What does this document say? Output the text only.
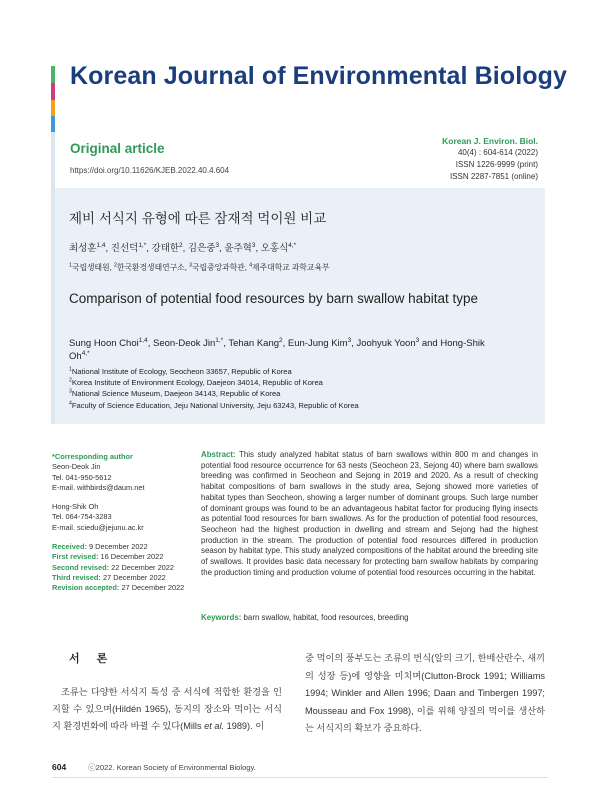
Korean Journal of Environmental Biology
Original article
https://doi.org/10.11626/KJEB.2022.40.4.604
Korean J. Environ. Biol.
40(4) : 604-614 (2022)
ISSN 1226-9999 (print)
ISSN 2287-7851 (online)
제비 서식지 유형에 따른 잠재적 먹이원 비교
최성훈$^{1,4}$, 진선덕$^{1,*}$, 강태한$^2$, 김은중$^3$, 윤주혁$^3$, 오홍식$^{4,*}$
$^1$국립생태원, $^2$한국환경생태연구소, $^3$국립중앙과학관, $^4$제주대학교 과학교육부
Comparison of potential food resources by barn swallow habitat type
Sung Hoon Choi$^{1,4}$, Seon-Deok Jin$^{1,*}$, Tehan Kang$^2$, Eun-Jung Kim$^3$, Joohyuk Yoon$^3$ and Hong-Shik $Oh^{4,*}$
$^1$National Institute of Ecology, Seocheon 33657, Republic of Korea
$^2$Korea Institute of Environment Ecology, Daejeon 34014, Republic of Korea
$^3$National Science Museum, Daejeon 34143, Republic of Korea
$^4$Faculty of Science Education, Jeju National University, Jeju 63243, Republic of Korea
*Corresponding author
Seon-Deok Jin
Tel. 041-950-5612
E-mail. withbirds@daum.net
Hong-Shik Oh
Tel. 064-754-3283
E-mail. sciedu@jejunu.ac.kr
Received: 9 December 2022
First revised: 16 December 2022
Second revised: 22 December 2022
Third revised: 27 December 2022
Revision accepted: 27 December 2022
Abstract: This study analyzed habitat status of barn swallows within 800 m and changes in potential food resource occurrence for 63 nests (Seocheon 23, Sejong 40) where barn swallows breeding was confirmed in Seocheon and Sejong in 2019 and 2020. As a result of checking habitat compositions of barn swallows in the study area, Sejong showed more varieties of habitat types than Seocheon, showing a larger number of dominant groups. Such large number of dominant groups was found to be an advantageous habitat factor for producing flying insects as potential food resources for barn swallows. As for the production of potential food resources, Seocheon had the highest production in dwelling and stream and Sejong had the highest production in the stream. The production of potential food resources differed in production season by habitat type. This study analyzed compositions of the habitat around the breeding site of swallows. It provides basic data necessary for protecting barn swallow habitats by comparing the production timing and production volume of potential food resources occurring in the habitat.
Keywords: barn swallow, habitat, food resources, breeding
서 론
조류는 다양한 서식지 특성 중 서식에 적합한 환경을 인지할 수 있으며(Hildén 1965), 동지의 장소와 먹이는 서식지 환경변화에 따라 바뀔 수 있다(Mills et al. 1989). 이
중 먹이의 풍부도는 조류의 번식(알의 크기, 한배산란수, 새끼의 성장 등)에 영향을 미치며(Clutton-Brock 1991; Williams 1994; Winkler and Allen 1996; Daan and Tinbergen 1997; Mousseau and Fox 1998), 이를 위해 양질의 먹이를 생산하는 서식지의 확보가 중요하다.
604	ⓒ2022. Korean Society of Environmental Biology.
